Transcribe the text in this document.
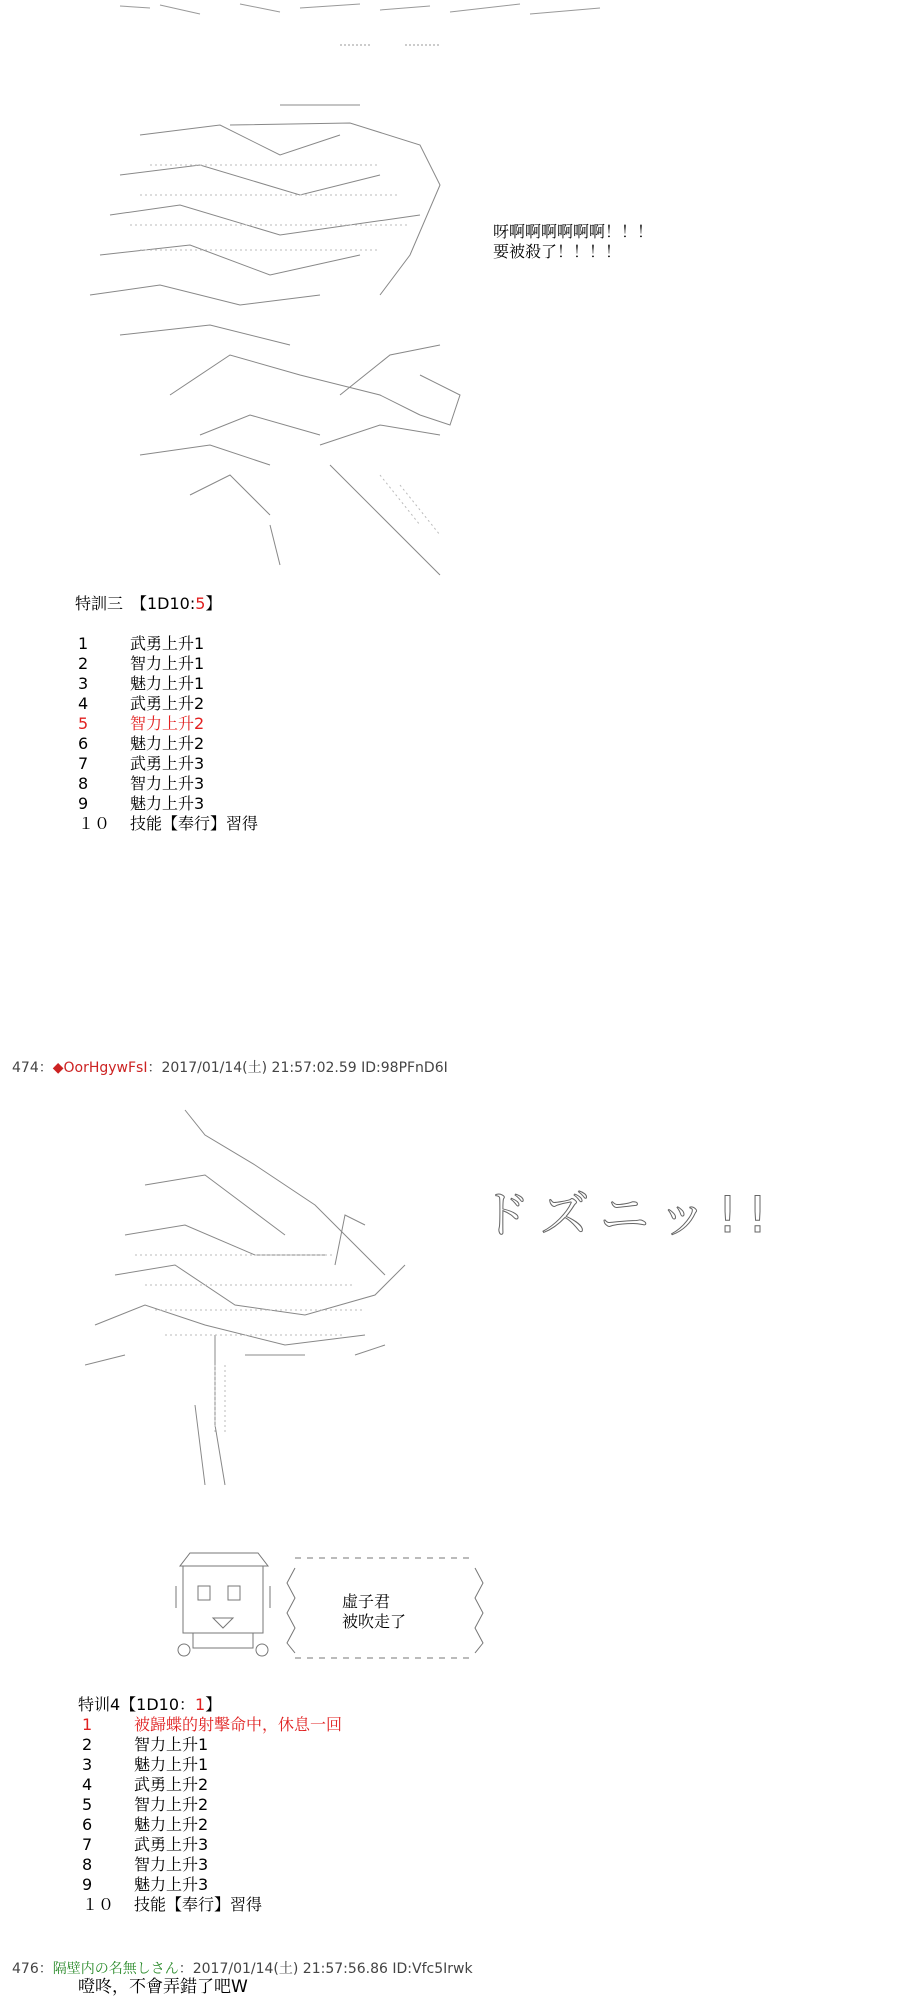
呀啊啊啊啊啊啊！！！
要被殺了！！！！
特訓三　【1D10:5】
1	武勇上升1
2	智力上升1
3	魅力上升1
4	武勇上升2
5	智力上升2
6	魅力上升2
7	武勇上升3
8	智力上升3
9	魅力上升3
１０	技能【奉行】習得
474：◆OorHgywFsI：2017/01/14(土) 21:57:02.59 ID:98PFnD6I
ドズニッ!!
虛子君
被吹走了
特训4【1D10：1】
1	被歸蝶的射擊命中，休息一回
2	智力上升1
3	魅力上升1
4	武勇上升2
5	智力上升2
6	魅力上升2
7	武勇上升3
8	智力上升3
9	魅力上升3
１０	技能【奉行】習得
476：隔壁内の名無しさん：2017/01/14(土) 21:57:56.86 ID:Vfc5Irwk
噔咚，不會弄錯了吧W
